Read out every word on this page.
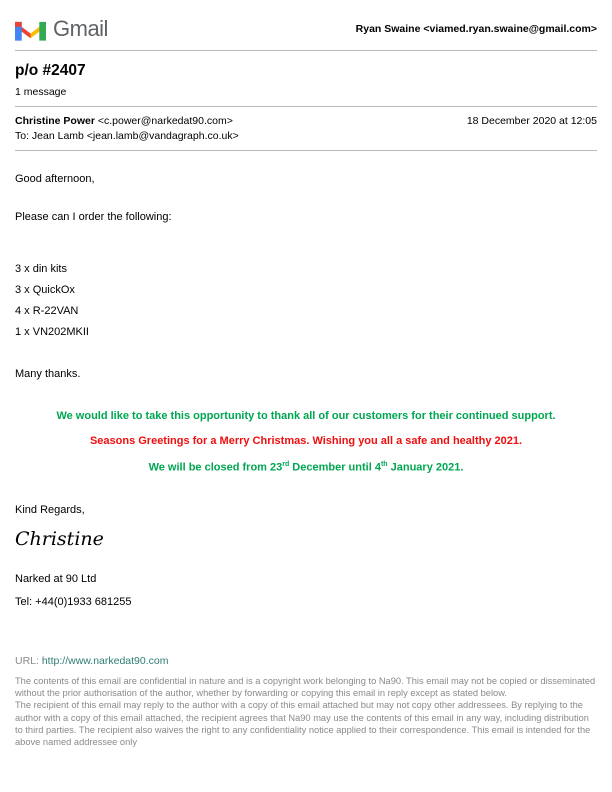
Gmail	Ryan Swaine <viamed.ryan.swaine@gmail.com>
p/o #2407
1 message
Christine Power <c.power@narkedat90.com>	18 December 2020 at 12:05
To: Jean Lamb <jean.lamb@vandagraph.co.uk>

Good afternoon,

Please can I order the following:

3 x din kits

3 x QuickOx

4 x R-22VAN

1 x VN202MKII

Many thanks.

We would like to take this opportunity to thank all of our customers for their continued support.

Seasons Greetings for a Merry Christmas. Wishing you all a safe and healthy 2021.

We will be closed from 23rd December until 4th January 2021.

Kind Regards,

Christine

Narked at 90 Ltd

Tel: +44(0)1933 681255

URL: http://www.narkedat90.com

The contents of this email are confidential in nature and is a copyright work belonging to Na90. This email may not be copied or disseminated without the prior authorisation of the author, whether by forwarding or copying this email in reply except as stated below.

The recipient of this email may reply to the author with a copy of this email attached but may not copy other addressees. By replying to the author with a copy of this email attached, the recipient agrees that Na90 may use the contents of this email in any way, including distribution to third parties. The recipient also waives the right to any confidentiality notice applied to their correspondence. This email is intended for the above named addressee only
